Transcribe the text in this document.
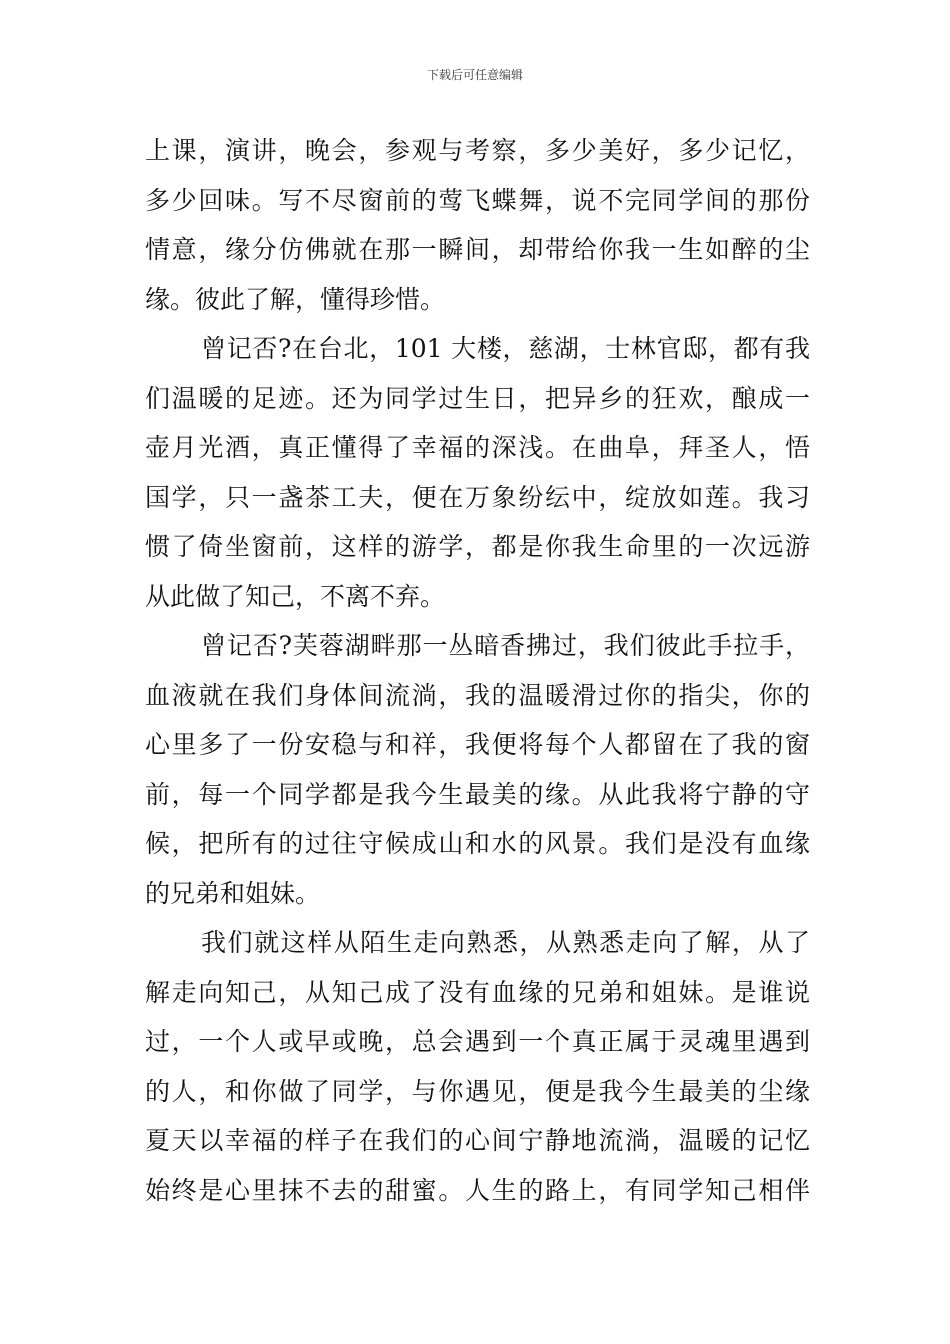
下载后可任意编辑
上课，演讲，晚会，参观与考察，多少美好，多少记忆，
多少回味。写不尽窗前的莺飞蝶舞，说不完同学间的那份
情意，缘分仿佛就在那一瞬间，却带给你我一生如醉的尘
缘。彼此了解，懂得珍惜。
曾记否?在台北，101 大楼，慈湖，士林官邸，都有我
们温暖的足迹。还为同学过生日，把异乡的狂欢，酿成一
壶月光酒，真正懂得了幸福的深浅。在曲阜，拜圣人，悟
国学，只一盏茶工夫，便在万象纷纭中，绽放如莲。我习
惯了倚坐窗前，这样的游学，都是你我生命里的一次远游
从此做了知己，不离不弃。
曾记否?芙蓉湖畔那一丛暗香拂过，我们彼此手拉手，
血液就在我们身体间流淌，我的温暖滑过你的指尖，你的
心里多了一份安稳与和祥，我便将每个人都留在了我的窗
前，每一个同学都是我今生最美的缘。从此我将宁静的守
候，把所有的过往守候成山和水的风景。我们是没有血缘
的兄弟和姐妹。
我们就这样从陌生走向熟悉，从熟悉走向了解，从了
解走向知己，从知己成了没有血缘的兄弟和姐妹。是谁说
过，一个人或早或晚，总会遇到一个真正属于灵魂里遇到
的人，和你做了同学，与你遇见，便是我今生最美的尘缘
夏天以幸福的样子在我们的心间宁静地流淌，温暖的记忆
始终是心里抹不去的甜蜜。人生的路上，有同学知己相伴
